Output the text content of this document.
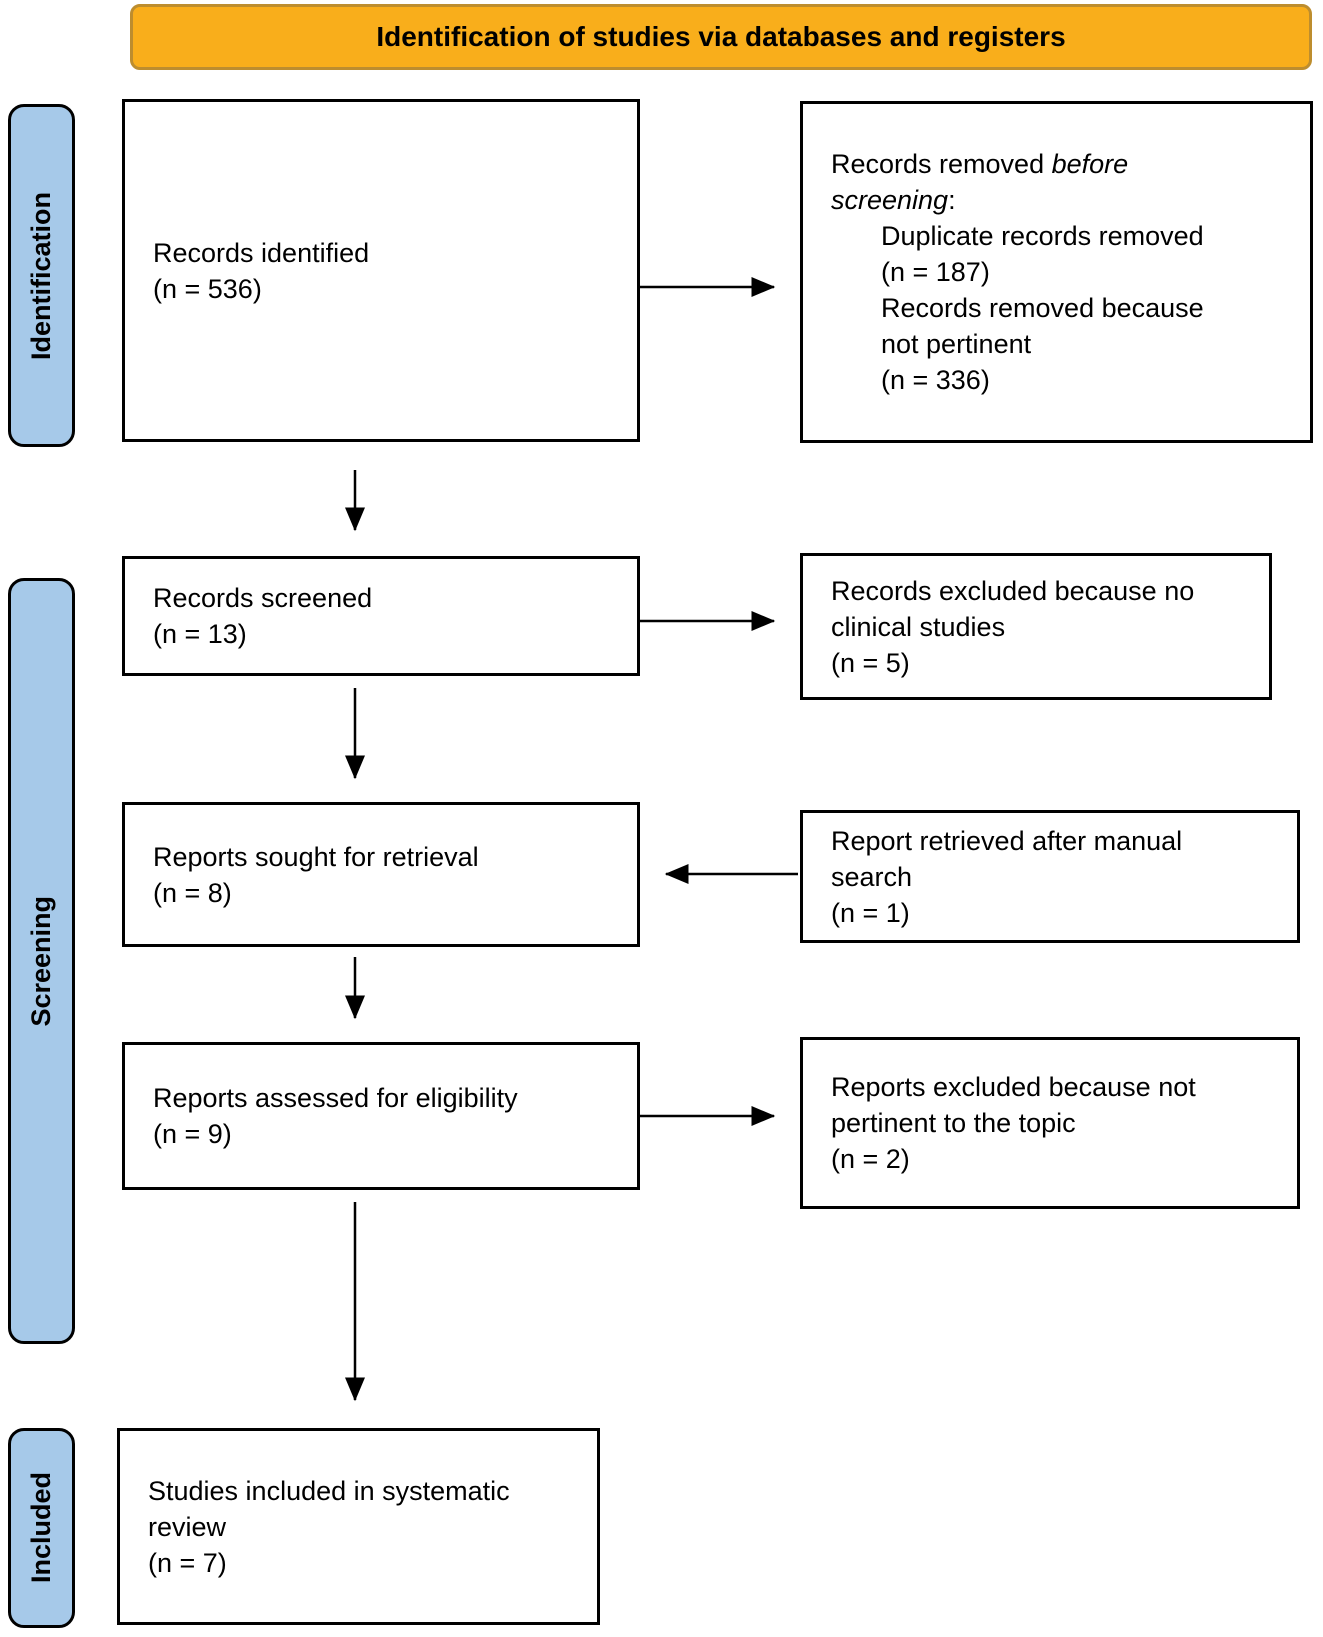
Identification of studies via databases and registers
Identification
Screening
Included
Records identified
(n = 536)
Records screened
(n = 13)
Reports sought for retrieval
(n = 8)
Reports assessed for eligibility
(n = 9)
Studies included in systematic review
(n = 7)
Records removed before screening:
Duplicate records removed
(n = 187)
Records removed because not pertinent
(n = 336)
Records excluded because no clinical studies
(n = 5)
Report retrieved after manual search
(n = 1)
Reports excluded because not pertinent to the topic
(n = 2)
